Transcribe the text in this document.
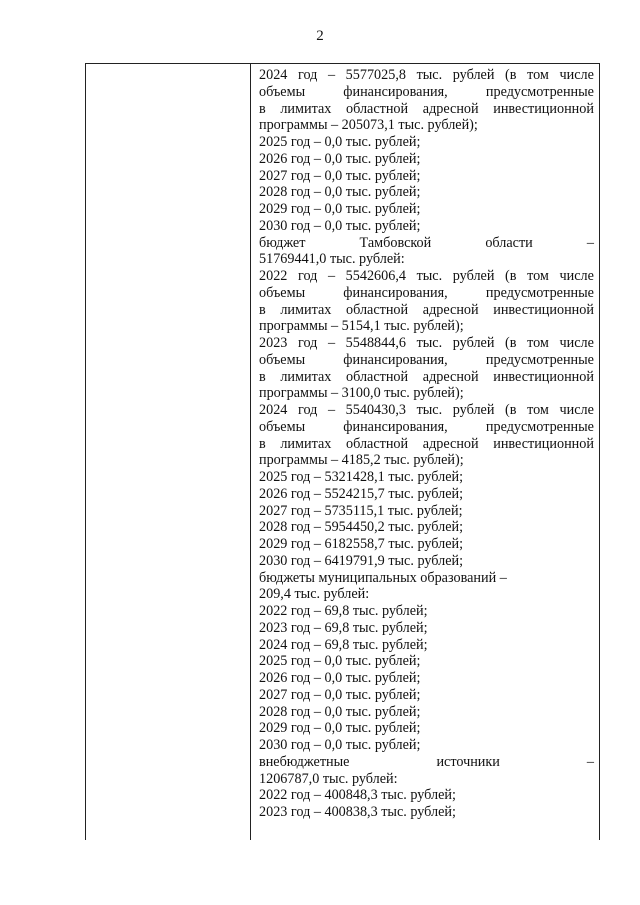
2
2024 год – 5577025,8 тыс. рублей (в том числе
объемы	финансирования,	предусмотренные
в лимитах областной адресной инвестиционной
программы – 205073,1 тыс. рублей);
2025 год – 0,0 тыс. рублей;
2026 год – 0,0 тыс. рублей;
2027 год – 0,0 тыс. рублей;
2028 год – 0,0 тыс. рублей;
2029 год – 0,0 тыс. рублей;
2030 год – 0,0 тыс. рублей;
бюджет	Тамбовской	области	–
51769441,0 тыс. рублей:
2022 год – 5542606,4 тыс. рублей (в том числе
объемы	финансирования,	предусмотренные
в лимитах областной адресной инвестиционной
программы – 5154,1 тыс. рублей);
2023 год – 5548844,6 тыс. рублей (в том числе
объемы	финансирования,	предусмотренные
в лимитах областной адресной инвестиционной
программы – 3100,0 тыс. рублей);
2024 год – 5540430,3 тыс. рублей (в том числе
объемы	финансирования,	предусмотренные
в лимитах областной адресной инвестиционной
программы – 4185,2 тыс. рублей);
2025 год – 5321428,1 тыс. рублей;
2026 год – 5524215,7 тыс. рублей;
2027 год – 5735115,1 тыс. рублей;
2028 год – 5954450,2 тыс. рублей;
2029 год – 6182558,7 тыс. рублей;
2030 год – 6419791,9 тыс. рублей;
бюджеты муниципальных образований –
209,4 тыс. рублей:
2022 год – 69,8 тыс. рублей;
2023 год – 69,8 тыс. рублей;
2024 год – 69,8 тыс. рублей;
2025 год – 0,0 тыс. рублей;
2026 год – 0,0 тыс. рублей;
2027 год – 0,0 тыс. рублей;
2028 год – 0,0 тыс. рублей;
2029 год – 0,0 тыс. рублей;
2030 год – 0,0 тыс. рублей;
внебюджетные	источники	–
1206787,0 тыс. рублей:
2022 год – 400848,3 тыс. рублей;
2023 год – 400838,3 тыс. рублей;
